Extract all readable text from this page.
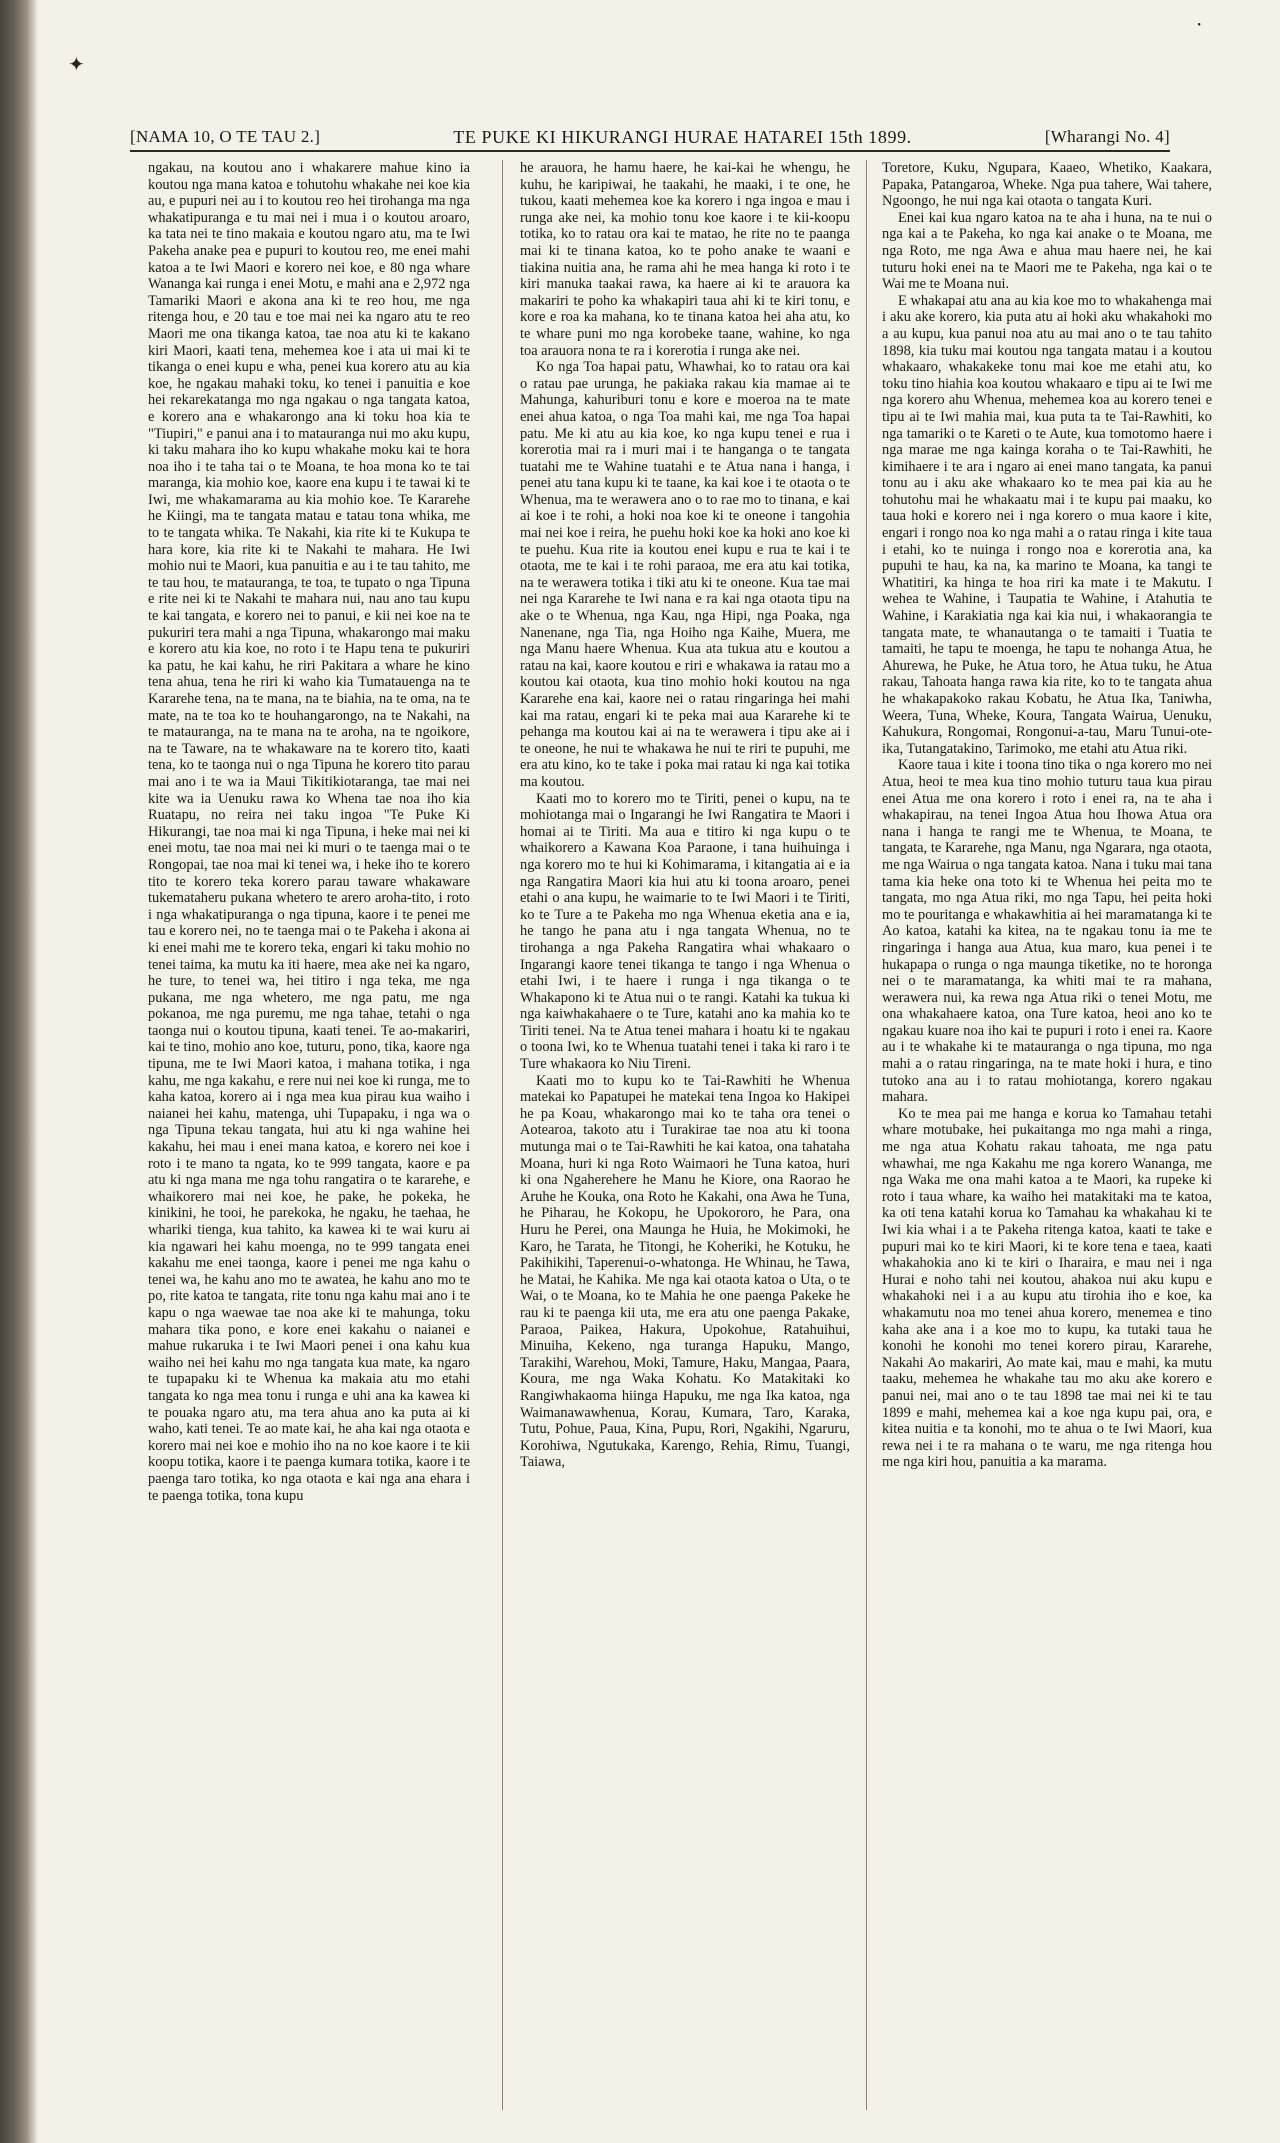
✦
·
[NAMA 10, O TE TAU 2.]	TE PUKE KI HIKURANGI HURAE HATAREI 15th 1899.	[Wharangi No. 4]

ngakau, na koutou ano i whakarere mahue kino ia koutou nga mana katoa e tohutohu whakahe nei koe kia au, e pupuri nei au i to koutou reo hei tirohanga ma nga whakatipuranga e tu mai nei i mua i o koutou aroaro, ka tata nei te tino makaia e koutou ngaro atu, ma te Iwi Pakeha anake pea e pupuri to koutou reo, me enei mahi katoa a te Iwi Maori e korero nei koe, e 80 nga whare Wananga kai runga i enei Motu, e mahi ana e 2,972 nga Tamariki Maori e akona ana ki te reo hou, me nga ritenga hou, e 20 tau e toe mai nei ka ngaro atu te reo Maori me ona tikanga katoa, tae noa atu ki te kakano kiri Maori, kaati tena, mehemea koe i ata ui mai ki te tikanga o enei kupu e wha, penei kua korero atu au kia koe, he ngakau mahaki toku, ko tenei i panuitia e koe hei rekarekatanga mo nga ngakau o nga tangata katoa, e korero ana e whakarongo ana ki toku hoa kia te "Tiupiri," e panui ana i to matauranga nui mo aku kupu, ki taku mahara iho ko kupu whakahe moku kai te hora noa iho i te taha tai o te Moana, te hoa mona ko te tai maranga, kia mohio koe, kaore ena kupu i te tawai ki te Iwi, me whakamarama au kia mohio koe. Te Kararehe he Kiingi, ma te tangata matau e tatau tona whika, me to te tangata whika. Te Nakahi, kia rite ki te Kukupa te hara kore, kia rite ki te Nakahi te mahara. He Iwi mohio nui te Maori, kua panuitia e au i te tau tahito, me te tau hou, te matauranga, te toa, te tupato o nga Tipuna e rite nei ki te Nakahi te mahara nui, nau ano tau kupu te kai tangata, e korero nei to panui, e kii nei koe na te pukuriri tera mahi a nga Tipuna, whakarongo mai maku e korero atu kia koe, no roto i te Hapu tena te pukuriri ka patu, he kai kahu, he riri Pakitara a whare he kino tena ahua, tena he riri ki waho kia Tumatauenga na te Kararehe tena, na te mana, na te biahia, na te oma, na te mate, na te toa ko te houhangarongo, na te Nakahi, na te matauranga, na te mana na te aroha, na te ngoikore, na te Taware, na te whakaware na te korero tito, kaati tena, ko te taonga nui o nga Tipuna he korero tito parau mai ano i te wa ia Maui Tikitikiotaranga, tae mai nei kite wa ia Uenuku rawa ko Whena tae noa iho kia Ruatapu, no reira nei taku ingoa "Te Puke Ki Hikurangi, tae noa mai ki nga Tipuna, i heke mai nei ki enei motu, tae noa mai nei ki muri o te taenga mai o te Rongopai, tae noa mai ki tenei wa, i heke iho te korero tito te korero teka korero parau taware whakaware tukemataheru pukana whetero te arero aroha-tito, i roto i nga whakatipuranga o nga tipuna, kaore i te penei me tau e korero nei, no te taenga mai o te Pakeha i akona ai ki enei mahi me te korero teka, engari ki taku mohio no tenei taima, ka mutu ka iti haere, mea ake nei ka ngaro, he ture, to tenei wa, hei titiro i nga teka, me nga pukana, me nga whetero, me nga patu, me nga pokanoa, me nga puremu, me nga tahae, tetahi o nga taonga nui o koutou tipuna, kaati tenei. Te ao-makariri, kai te tino, mohio ano koe, tuturu, pono, tika, kaore nga tipuna, me te Iwi Maori katoa, i mahana totika, i nga kahu, me nga kakahu, e rere nui nei koe ki runga, me to kaha katoa, korero ai i nga mea kua pirau kua waiho i naianei hei kahu, matenga, uhi Tupapaku, i nga wa o nga Tipuna tekau tangata, hui atu ki nga wahine hei kakahu, hei mau i enei mana katoa, e korero nei koe i roto i te mano ta ngata, ko te 999 tangata, kaore e pa atu ki nga mana me nga tohu rangatira o te kararehe, e whaikorero mai nei koe, he pake, he pokeka, he kinikini, he tooi, he parekoka, he ngaku, he taehaa, he whariki tienga, kua tahito, ka kawea ki te wai kuru ai kia ngawari hei kahu moenga, no te 999 tangata enei kakahu me enei taonga, kaore i penei me nga kahu o tenei wa, he kahu ano mo te awatea, he kahu ano mo te po, rite katoa te tangata, rite tonu nga kahu mai ano i te kapu o nga waewae tae noa ake ki te mahunga, toku mahara tika pono, e kore enei kakahu o naianei e mahue rukaruka i te Iwi Maori penei i ona kahu kua waiho nei hei kahu mo nga tangata kua mate, ka ngaro te tupapaku ki te Whenua ka makaia atu mo etahi tangata ko nga mea tonu i runga e uhi ana ka kawea ki te pouaka ngaro atu, ma tera ahua ano ka puta ai ki waho, kati tenei. Te ao mate kai, he aha kai nga otaota e korero mai nei koe e mohio iho na no koe kaore i te kii koopu totika, kaore i te paenga kumara totika, kaore i te paenga taro totika, ko nga otaota e kai nga ana ehara i te paenga totika, tona kupu

he arauora, he hamu haere, he kai-kai he whengu, he kuhu, he karipiwai, he taakahi, he maaki, i te one, he tukou, kaati mehemea koe ka korero i nga ingoa e mau i runga ake nei, ka mohio tonu koe kaore i te kii-koopu totika, ko to ratau ora kai te matao, he rite no te paanga mai ki te tinana katoa, ko te poho anake te waani e tiakina nuitia ana, he rama ahi he mea hanga ki roto i te kiri manuka taakai rawa, ka haere ai ki te arauora ka makariri te poho ka whakapiri taua ahi ki te kiri tonu, e kore e roa ka mahana, ko te tinana katoa hei aha atu, ko te whare puni mo nga korobeke taane, wahine, ko nga toa arauora nona te ra i korerotia i runga ake nei.

Ko nga Toa hapai patu, Whawhai, ko to ratau ora kai o ratau pae urunga, he pakiaka rakau kia mamae ai te Mahunga, kahuriburi tonu e kore e moeroa na te mate enei ahua katoa, o nga Toa mahi kai, me nga Toa hapai patu. Me ki atu au kia koe, ko nga kupu tenei e rua i korerotia mai ra i muri mai i te hanganga o te tangata tuatahi me te Wahine tuatahi e te Atua nana i hanga, i penei atu tana kupu ki te taane, ka kai koe i te otaota o te Whenua, ma te werawera ano o to rae mo to tinana, e kai ai koe i te rohi, a hoki noa koe ki te oneone i tangohia mai nei koe i reira, he puehu hoki koe ka hoki ano koe ki te puehu. Kua rite ia koutou enei kupu e rua te kai i te otaota, me te kai i te rohi paraoa, me era atu kai totika, na te werawera totika i tiki atu ki te oneone. Kua tae mai nei nga Kararehe te Iwi nana e ra kai nga otaota tipu na ake o te Whenua, nga Kau, nga Hipi, nga Poaka, nga Nanenane, nga Tia, nga Hoiho nga Kaihe, Muera, me nga Manu haere Whenua. Kua ata tukua atu e koutou a ratau na kai, kaore koutou e riri e whakawa ia ratau mo a koutou kai otaota, kua tino mohio hoki koutou na nga Kararehe ena kai, kaore nei o ratau ringaringa hei mahi kai ma ratau, engari ki te peka mai aua Kararehe ki te pehanga ma koutou kai ai na te werawera i tipu ake ai i te oneone, he nui te whakawa he nui te riri te pupuhi, me era atu kino, ko te take i poka mai ratau ki nga kai totika ma koutou.

Kaati mo to korero mo te Tiriti, penei o kupu, na te mohiotanga mai o Ingarangi he Iwi Rangatira te Maori i homai ai te Tiriti. Ma aua e titiro ki nga kupu o te whaikorero a Kawana Koa Paraone, i tana huihuinga i nga korero mo te hui ki Kohimarama, i kitangatia ai e ia nga Rangatira Maori kia hui atu ki toona aroaro, penei etahi o ana kupu, he waimarie to te Iwi Maori i te Tiriti, ko te Ture a te Pakeha mo nga Whenua eketia ana e ia, he tango he pana atu i nga tangata Whenua, no te tirohanga a nga Pakeha Rangatira whai whakaaro o Ingarangi kaore tenei tikanga te tango i nga Whenua o etahi Iwi, i te haere i runga i nga tikanga o te Whakapono ki te Atua nui o te rangi. Katahi ka tukua ki nga kaiwhakahaere o te Ture, katahi ano ka mahia ko te Tiriti tenei. Na te Atua tenei mahara i hoatu ki te ngakau o toona Iwi, ko te Whenua tuatahi tenei i taka ki raro i te Ture whakaora ko Niu Tireni.

Kaati mo to kupu ko te Tai-Rawhiti he Whenua matekai ko Papatupei he matekai tena Ingoa ko Hakipei he pa Koau, whakarongo mai ko te taha ora tenei o Aotearoa, takoto atu i Turakirae tae noa atu ki toona mutunga mai o te Tai-Rawhiti he kai katoa, ona tahataha Moana, huri ki nga Roto Waimaori he Tuna katoa, huri ki ona Ngaherehere he Manu he Kiore, ona Raorao he Aruhe he Kouka, ona Roto he Kakahi, ona Awa he Tuna, he Piharau, he Kokopu, he Upokororo, he Para, ona Huru he Perei, ona Maunga he Huia, he Mokimoki, he Karo, he Tarata, he Titongi, he Koheriki, he Kotuku, he Pakihikihi, Taperenui-o-whatonga. He Whinau, he Tawa, he Matai, he Kahika. Me nga kai otaota katoa o Uta, o te Wai, o te Moana, ko te Mahia he one paenga Pakeke he rau ki te paenga kii uta, me era atu one paenga Pakake, Paraoa, Paikea, Hakura, Upokohue, Ratahuihui, Minuiha, Kekeno, nga turanga Hapuku, Mango, Tarakihi, Warehou, Moki, Tamure, Haku, Mangaa, Paara, Koura, me nga Waka Kohatu. Ko Matakitaki ko Rangiwhakaoma hiinga Hapuku, me nga Ika katoa, nga Waimanawawhenua, Korau, Kumara, Taro, Karaka, Tutu, Pohue, Paua, Kina, Pupu, Rori, Ngakihi, Ngaruru, Korohiwa, Ngutukaka, Karengo, Rehia, Rimu, Tuangi, Taiawa,

Toretore, Kuku, Ngupara, Kaaeo, Whetiko, Kaakara, Papaka, Patangaroa, Wheke. Nga pua tahere, Wai tahere, Ngoongo, he nui nga kai otaota o tangata Kuri.

Enei kai kua ngaro katoa na te aha i huna, na te nui o nga kai a te Pakeha, ko nga kai anake o te Moana, me nga Roto, me nga Awa e ahua mau haere nei, he kai tuturu hoki enei na te Maori me te Pakeha, nga kai o te Wai me te Moana nui.

E whakapai atu ana au kia koe mo to whakahenga mai i aku ake korero, kia puta atu ai hoki aku whakahoki mo a au kupu, kua panui noa atu au mai ano o te tau tahito 1898, kia tuku mai koutou nga tangata matau i a koutou whakaaro, whakakeke tonu mai koe me etahi atu, ko toku tino hiahia koa koutou whakaaro e tipu ai te Iwi me nga korero ahu Whenua, mehemea koa au korero tenei e tipu ai te Iwi mahia mai, kua puta ta te Tai-Rawhiti, ko nga tamariki o te Kareti o te Aute, kua tomotomo haere i nga marae me nga kainga koraha o te Tai-Rawhiti, he kimihaere i te ara i ngaro ai enei mano tangata, ka panui tonu au i aku ake whakaaro ko te mea pai kia au he tohutohu mai he whakaatu mai i te kupu pai maaku, ko taua hoki e korero nei i nga korero o mua kaore i kite, engari i rongo noa ko nga mahi a o ratau ringa i kite taua i etahi, ko te nuinga i rongo noa e korerotia ana, ka pupuhi te hau, ka na, ka marino te Moana, ka tangi te Whatitiri, ka hinga te hoa riri ka mate i te Makutu. I wehea te Wahine, i Taupatia te Wahine, i Atahutia te Wahine, i Karakiatia nga kai kia nui, i whakaorangia te tangata mate, te whanautanga o te tamaiti i Tuatia te tamaiti, he tapu te moenga, he tapu te nohanga Atua, he Ahurewa, he Puke, he Atua toro, he Atua tuku, he Atua rakau, Tahoata hanga rawa kia rite, ko to te tangata ahua he whakapakoko rakau Kobatu, he Atua Ika, Taniwha, Weera, Tuna, Wheke, Koura, Tangata Wairua, Uenuku, Kahukura, Rongomai, Rongonui-a-tau, Maru Tunui-ote-ika, Tutangatakino, Tarimoko, me etahi atu Atua riki.

Kaore taua i kite i toona tino tika o nga korero mo nei Atua, heoi te mea kua tino mohio tuturu taua kua pirau enei Atua me ona korero i roto i enei ra, na te aha i whakapirau, na tenei Ingoa Atua hou Ihowa Atua ora nana i hanga te rangi me te Whenua, te Moana, te tangata, te Kararehe, nga Manu, nga Ngarara, nga otaota, me nga Wairua o nga tangata katoa. Nana i tuku mai tana tama kia heke ona toto ki te Whenua hei peita mo te tangata, mo nga Atua riki, mo nga Tapu, hei peita hoki mo te pouritanga e whakawhitia ai hei maramatanga ki te Ao katoa, katahi ka kitea, na te ngakau tonu ia me te ringaringa i hanga aua Atua, kua maro, kua penei i te hukapapa o runga o nga maunga tiketike, no te horonga nei o te maramatanga, ka whiti mai te ra mahana, werawera nui, ka rewa nga Atua riki o tenei Motu, me ona whakahaere katoa, ona Ture katoa, heoi ano ko te ngakau kuare noa iho kai te pupuri i roto i enei ra. Kaore au i te whakahe ki te matauranga o nga tipuna, mo nga mahi a o ratau ringaringa, na te mate hoki i hura, e tino tutoko ana au i to ratau mohiotanga, korero ngakau mahara.

Ko te mea pai me hanga e korua ko Tamahau tetahi whare motubake, hei pukaitanga mo nga mahi a ringa, me nga atua Kohatu rakau tahoata, me nga patu whawhai, me nga Kakahu me nga korero Wananga, me nga Waka me ona mahi katoa a te Maori, ka rupeke ki roto i taua whare, ka waiho hei matakitaki ma te katoa, ka oti tena katahi korua ko Tamahau ka whakahau ki te Iwi kia whai i a te Pakeha ritenga katoa, kaati te take e pupuri mai ko te kiri Maori, ki te kore tena e taea, kaati whakahokia ano ki te kiri o Iharaira, e mau nei i nga Hurai e noho tahi nei koutou, ahakoa nui aku kupu e whakahoki nei i a au kupu atu tirohia iho e koe, ka whakamutu noa mo tenei ahua korero, menemea e tino kaha ake ana i a koe mo to kupu, ka tutaki taua he konohi he konohi mo tenei korero pirau, Kararehe, Nakahi Ao makariri, Ao mate kai, mau e mahi, ka mutu taaku, mehemea he whakahe tau mo aku ake korero e panui nei, mai ano o te tau 1898 tae mai nei ki te tau 1899 e mahi, mehemea kai a koe nga kupu pai, ora, e kitea nuitia e ta konohi, mo te ahua o te Iwi Maori, kua rewa nei i te ra mahana o te waru, me nga ritenga hou me nga kiri hou, panuitia a ka marama.
